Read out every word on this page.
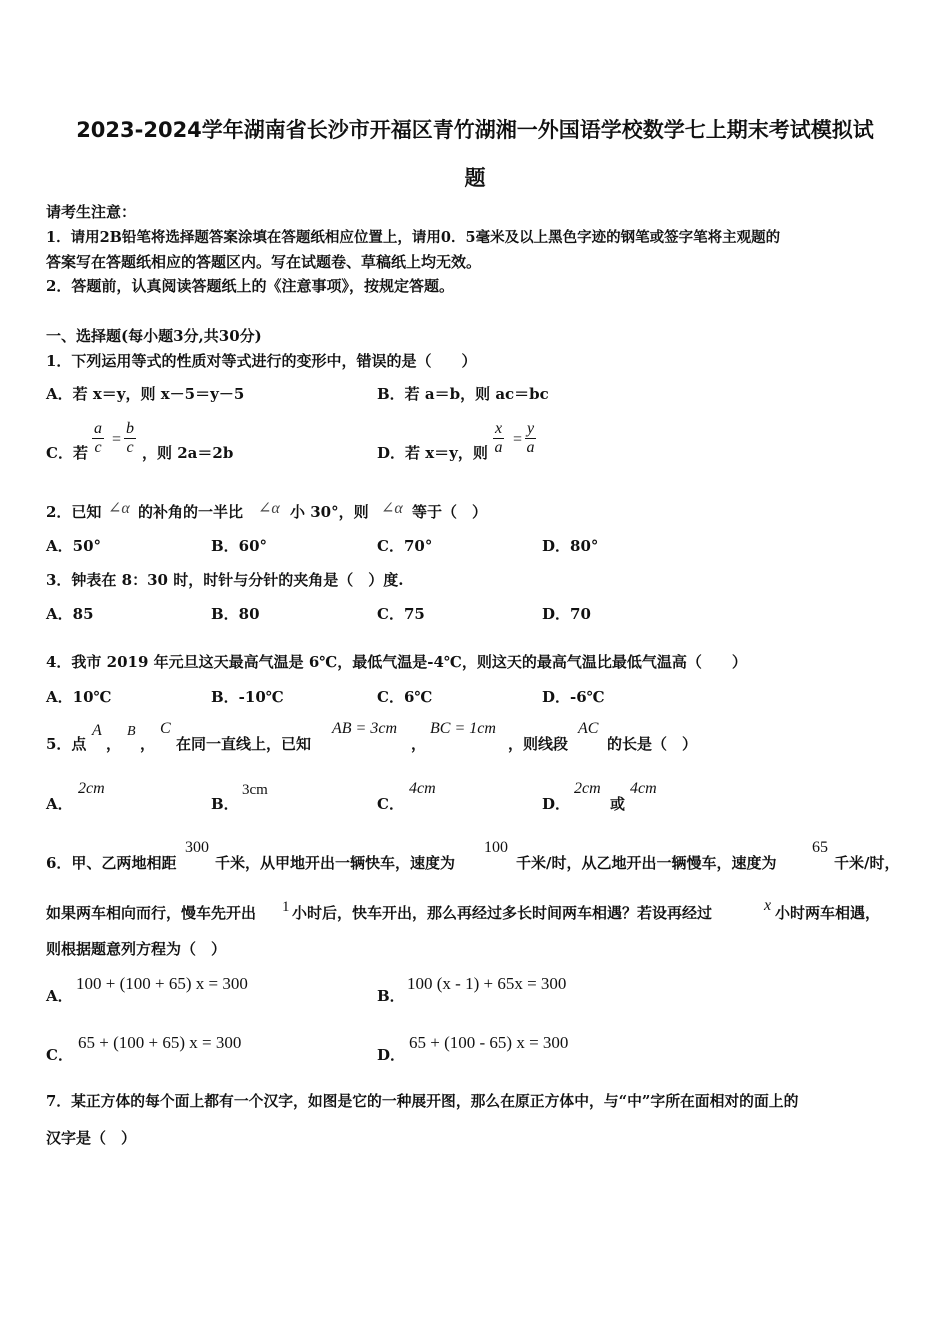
2023-2024学年湖南省长沙市开福区青竹湖湘一外国语学校数学七上期末考试模拟试
题
请考生注意：
1．请用2B铅笔将选择题答案涂填在答题纸相应位置上，请用0．5毫米及以上黑色字迹的钢笔或签字笔将主观题的
答案写在答题纸相应的答题区内。写在试题卷、草稿纸上均无效。
2．答题前，认真阅读答题纸上的《注意事项》，按规定答题。
一、选择题(每小题3分,共30分)
1．下列运用等式的性质对等式进行的变形中，错误的是（　　）
A．若 x＝y，则 x－5＝y－5	B．若 a＝b，则 ac＝bc
C．若 $\frac{a}{c} = \frac{b}{c}$ ，则 2a＝2b	D．若 x＝y，则 $\frac{x}{a} = \frac{y}{a}$
2．已知 ∠α 的补角的一半比 ∠α 小 30°，则 ∠α 等于（　）
A．50°	B．60°	C．70°	D．80°
3．钟表在 8：30 时，时针与分针的夹角是（　）度.
A．85	B．80	C．75	D．70
4．我市 2019 年元旦这天最高气温是 6℃，最低气温是-4℃，则这天的最高气温比最低气温高（　　）
A．10℃	B．-10℃	C．6℃	D．-6℃
5．点
A
，
B
，
C
在同一直线上，已知
AB = 3cm
，
BC = 1cm
，则线段
AC
的长是（　）
A．
2cm
B．
3cm
C．
4cm
D．
2cm
或
4cm
6．甲、乙两地相距
300
千米，从甲地开出一辆快车，速度为
100
千米/时，从乙地开出一辆慢车，速度为
65
千米/时，
如果两车相向而行，慢车先开出 1 小时后，快车开出，那么再经过多长时间两车相遇？若设再经过	x 小时两车相遇，
则根据题意列方程为（　）
A．
100 + (100 + 65) x = 300
B．
100 (x - 1) + 65x = 300
C．
65 + (100 + 65) x = 300
D．
65 + (100 - 65) x = 300
7．某正方体的每个面上都有一个汉字，如图是它的一种展开图，那么在原正方体中，与“中”字所在面相对的面上的
汉字是（　）
